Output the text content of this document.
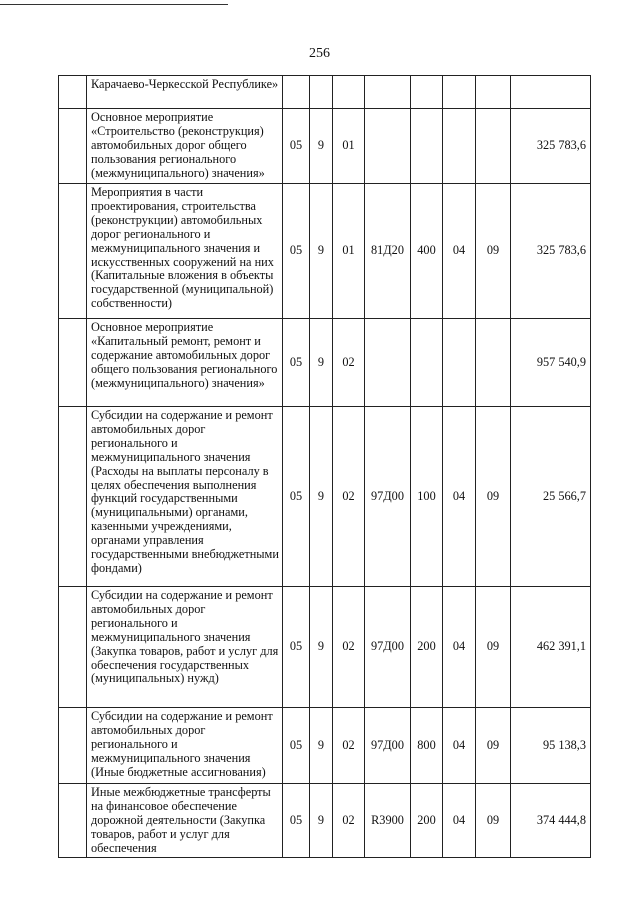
256
	Карачаево-Черкесской Республике»								
	Основное мероприятие «Строительство (реконструкция) автомобильных дорог общего пользования регионального (межмуниципального) значения»	05	9	01					325 783,6
	Мероприятия в части проектирования, строительства (реконструкции) автомобильных дорог регионального и межмуниципального значения и искусственных сооружений на них (Капитальные вложения в объекты государственной (муниципальной) собственности)	05	9	01	81Д20	400	04	09	325 783,6
	Основное мероприятие «Капитальный ремонт, ремонт и содержание автомобильных дорог общего пользования регионального (межмуниципального) значения»	05	9	02					957 540,9
	Субсидии на содержание и ремонт автомобильных дорог регионального и межмуниципального значения (Расходы на выплаты персоналу в целях обеспечения выполнения функций государственными (муниципальными) органами, казенными учреждениями, органами управления государственными внебюджетными фондами)	05	9	02	97Д00	100	04	09	25 566,7
	Субсидии на содержание и ремонт автомобильных дорог регионального и межмуниципального значения (Закупка товаров, работ и услуг для обеспечения государственных (муниципальных) нужд)	05	9	02	97Д00	200	04	09	462 391,1
	Субсидии на содержание и ремонт автомобильных дорог регионального и межмуниципального значения (Иные бюджетные ассигнования)	05	9	02	97Д00	800	04	09	95 138,3
	Иные межбюджетные трансферты на финансовое обеспечение дорожной деятельности (Закупка товаров, работ и услуг для обеспечения	05	9	02	R3900	200	04	09	374 444,8
